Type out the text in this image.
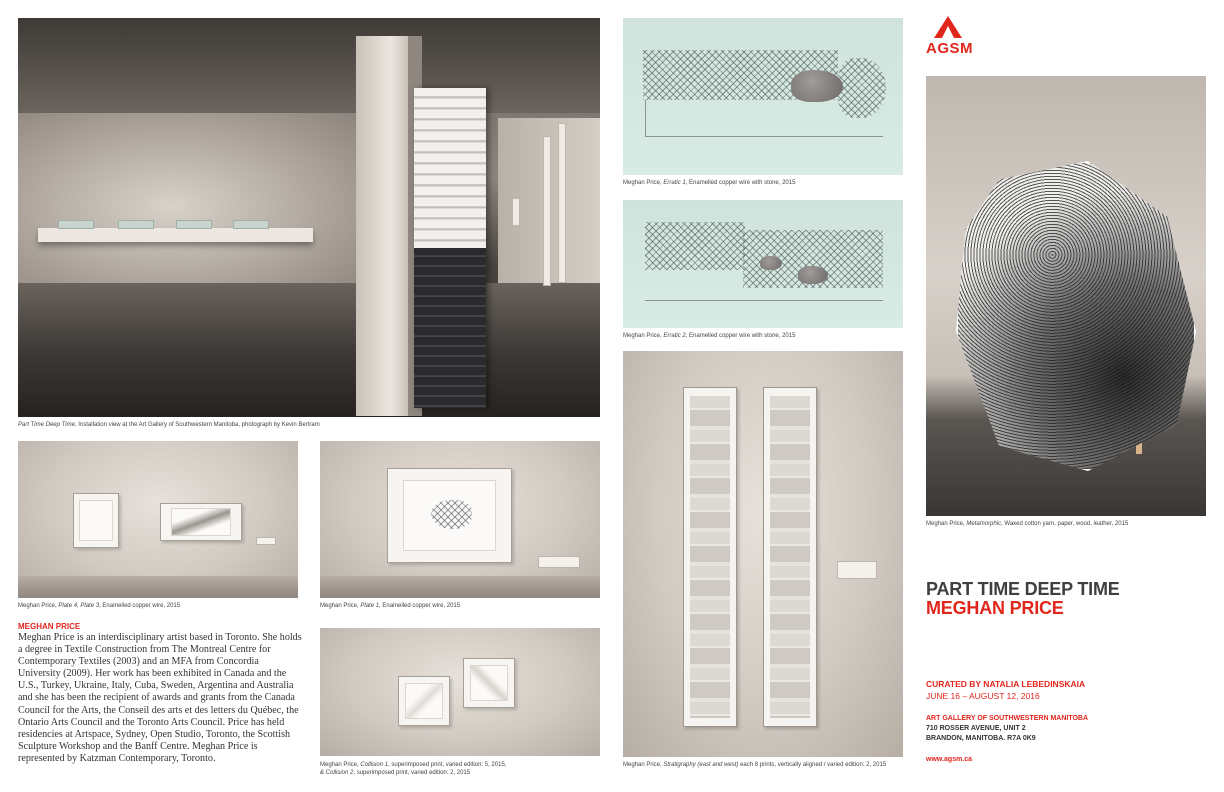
Part Time Deep Time, Installation view at the Art Gallery of Southwestern Manitoba, photograph by Kevin Bertram
Meghan Price, Plate 4, Plate 3, Enamelled copper wire, 2015	Meghan Price, Plate 1, Enamelled copper wire, 2015
Meghan Price, Collision 1, superimposed print, varied edition: 5, 2015,
& Collision 2, superimposed print, varied edition: 2, 2015
Meghan Price, Erratic 1, Enamelled copper wire with stone, 2015
Meghan Price, Erratic 2, Enamelled copper wire with stone, 2015
Meghan Price, Stratigraphy (east and west) each 8 prints, vertically aligned / varied edition: 2, 2015
Meghan Price, Metamorphic, Waxed cotton yarn, paper, wood, leather, 2015
AGSM
PART TIME DEEP TIME
MEGHAN PRICE
CURATED BY NATALIA LEBEDINSKAIA
JUNE 16 – AUGUST 12, 2016
ART GALLERY OF SOUTHWESTERN MANITOBA
710 ROSSER AVENUE, UNIT 2
BRANDON, MANITOBA. R7A 0K9
www.agsm.ca
MEGHAN PRICE
Meghan Price is an interdisciplinary artist based in Toronto. She holds a degree in Textile Construction from The Montreal Centre for Contemporary Textiles (2003) and an MFA from Concordia University (2009). Her work has been exhibited in Canada and the U.S., Turkey, Ukraine, Italy, Cuba, Sweden, Argentina and Australia and she has been the recipient of awards and grants from the Canada Council for the Arts, the Conseil des arts et des letters du Québec, the Ontario Arts Council and the Toronto Arts Council. Price has held residencies at Artspace, Sydney, Open Studio, Toronto, the Scottish Sculpture Workshop and the Banff Centre. Meghan Price is represented by Katzman Contemporary, Toronto.
